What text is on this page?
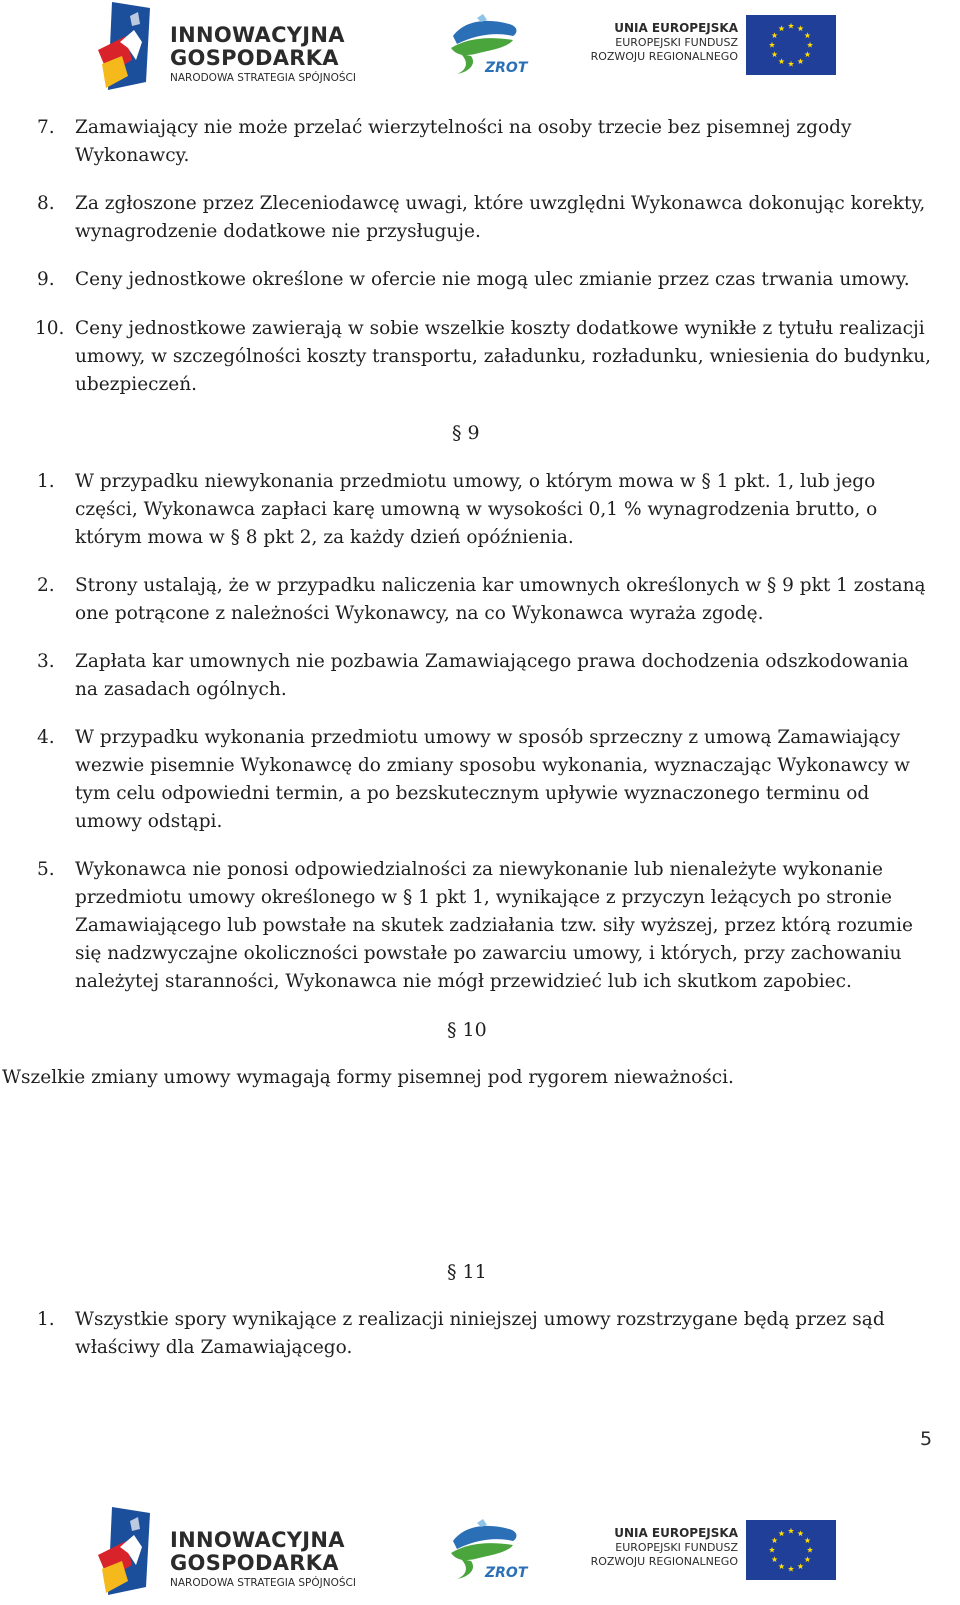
INNOWACYJNA
GOSPODARKA
NARODOWA STRATEGIA SPÓJNOŚCI
ZROT
UNIA EUROPEJSKA
EUROPEJSKI FUNDUSZ
ROZWOJU REGIONALNEGO
7. Zamawiający nie może przelać wierzytelności na osoby trzecie bez pisemnej zgody Wykonawcy.
8. Za zgłoszone przez Zleceniodawcę uwagi, które uwzględni Wykonawca dokonując korekty, wynagrodzenie dodatkowe nie przysługuje.
9. Ceny jednostkowe określone w ofercie nie mogą ulec zmianie przez czas trwania umowy.
10. Ceny jednostkowe zawierają w sobie wszelkie koszty dodatkowe wynikłe z tytułu realizacji umowy, w szczególności koszty transportu, załadunku, rozładunku, wniesienia do budynku, ubezpieczeń.
§ 9
1. W przypadku niewykonania przedmiotu umowy, o którym mowa w § 1 pkt. 1, lub jego części, Wykonawca zapłaci karę umowną w wysokości 0,1 % wynagrodzenia brutto, o którym mowa w § 8 pkt 2, za każdy dzień opóźnienia.
2. Strony ustalają, że w przypadku naliczenia kar umownych określonych w § 9 pkt 1 zostaną one potrącone z należności Wykonawcy, na co Wykonawca wyraża zgodę.
3. Zapłata kar umownych nie pozbawia Zamawiającego prawa dochodzenia odszkodowania na zasadach ogólnych.
4. W przypadku wykonania przedmiotu umowy w sposób sprzeczny z umową Zamawiający wezwie pisemnie Wykonawcę do zmiany sposobu wykonania, wyznaczając Wykonawcy w tym celu odpowiedni termin, a po bezskutecznym upływie wyznaczonego terminu od umowy odstąpi.
5. Wykonawca nie ponosi odpowiedzialności za niewykonanie lub nienależyte wykonanie przedmiotu umowy określonego w § 1 pkt 1, wynikające z przyczyn leżących po stronie Zamawiającego lub powstałe na skutek zadziałania tzw. siły wyższej, przez którą rozumie się nadzwyczajne okoliczności powstałe po zawarciu umowy, i których, przy zachowaniu należytej staranności, Wykonawca nie mógł przewidzieć lub ich skutkom zapobiec.
§ 10
Wszelkie zmiany umowy wymagają formy pisemnej pod rygorem nieważności.
§ 11
1. Wszystkie spory wynikające z realizacji niniejszej umowy rozstrzygane będą przez sąd właściwy dla Zamawiającego.
5
INNOWACYJNA
GOSPODARKA
NARODOWA STRATEGIA SPÓJNOŚCI
ZROT
UNIA EUROPEJSKA
EUROPEJSKI FUNDUSZ
ROZWOJU REGIONALNEGO
